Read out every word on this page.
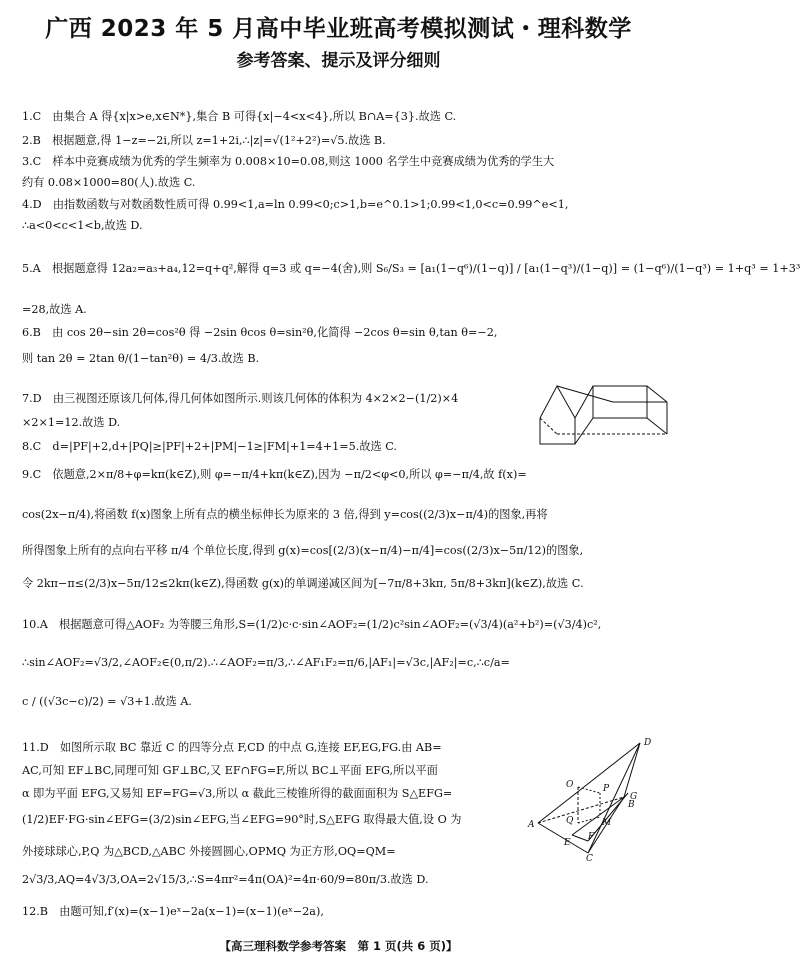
广西 2023 年 5 月高中毕业班高考模拟测试・理科数学
参考答案、提示及评分细则
1.C　由集合 A 得{x|x>e,x∈N*},集合 B 可得{x|−4<x<4},所以 B∩A={3}.故选 C.
2.B　根据题意,得 1−z=−2i,所以 z=1+2i,∴|z|=√(1²+2²)=√5.故选 B.
3.C　样本中竞赛成绩为优秀的学生频率为 0.008×10=0.08,则这 1000 名学生中竞赛成绩为优秀的学生大
约有 0.08×1000=80(人).故选 C.
4.D　由指数函数与对数函数性质可得 0.99<1,a=ln 0.99<0;c>1,b=e^0.1>1;0.99<1,0<c=0.99^e<1,
∴a<0<c<1<b,故选 D.
5.A　根据题意得 12a₂=a₃+a₄,12=q+q²,解得 q=3 或 q=−4(舍),则 S₆/S₃ = [a₁(1−q⁶)/(1−q)] / [a₁(1−q³)/(1−q)] = (1−q⁶)/(1−q³) = 1+q³ = 1+3³
=28,故选 A.
6.B　由 cos 2θ−sin 2θ=cos²θ 得 −2sin θcos θ=sin²θ,化简得 −2cos θ=sin θ,tan θ=−2,
则 tan 2θ = 2tan θ/(1−tan²θ) = 4/3.故选 B.
7.D　由三视图还原该几何体,得几何体如图所示.则该几何体的体积为 4×2×2−(1/2)×4
×2×1=12.故选 D.
8.C　d=|PF|+2,d+|PQ|≥|PF|+2+|PM|−1≥|FM|+1=4+1=5.故选 C.
9.C　依题意,2×π/8+φ=kπ(k∈Z),则 φ=−π/4+kπ(k∈Z),因为 −π/2<φ<0,所以 φ=−π/4,故 f(x)=
cos(2x−π/4),将函数 f(x)图象上所有点的横坐标伸长为原来的 3 倍,得到 y=cos((2/3)x−π/4)的图象,再将
所得图象上所有的点向右平移 π/4 个单位长度,得到 g(x)=cos[(2/3)(x−π/4)−π/4]=cos((2/3)x−5π/12)的图象,
令 2kπ−π≤(2/3)x−5π/12≤2kπ(k∈Z),得函数 g(x)的单调递减区间为[−7π/8+3kπ, 5π/8+3kπ](k∈Z),故选 C.
10.A　根据题意可得△AOF₂ 为等腰三角形,S=(1/2)c·c·sin∠AOF₂=(1/2)c²sin∠AOF₂=(√3/4)(a²+b²)=(√3/4)c²,
∴sin∠AOF₂=√3/2,∠AOF₂∈(0,π/2).∴∠AOF₂=π/3,∴∠AF₁F₂=π/6,|AF₁|=√3c,|AF₂|=c,∴c/a=
c / ((√3c−c)/2) = √3+1.故选 A.
11.D　如图所示取 BC 靠近 C 的四等分点 F,CD 的中点 G,连接 EF,EG,FG.由 AB=
AC,可知 EF⊥BC,同理可知 GF⊥BC,又 EF∩FG=F,所以 BC⊥平面 EFG,所以平面
α 即为平面 EFG,又易知 EF=FG=√3,所以 α 截此三棱锥所得的截面面积为 S△EFG=
(1/2)EF·FG·sin∠EFG=(3/2)sin∠EFG,当∠EFG=90°时,S△EFG 取得最大值,设 O 为
外接球球心,P,Q 为△BCD,△ABC 外接圆圆心,OPMQ 为正方形,OQ=QM=
2√3/3,AQ=4√3/3,OA=2√15/3,∴S=4πr²=4π(OA)²=4π·60/9=80π/3.故选 D.
12.B　由题可知,f′(x)=(x−1)eˣ−2a(x−1)=(x−1)(eˣ−2a),
D
O	P
Q
G
A	M
B
E
F
C
【高三理科数学参考答案　第 1 页(共 6 页)】
